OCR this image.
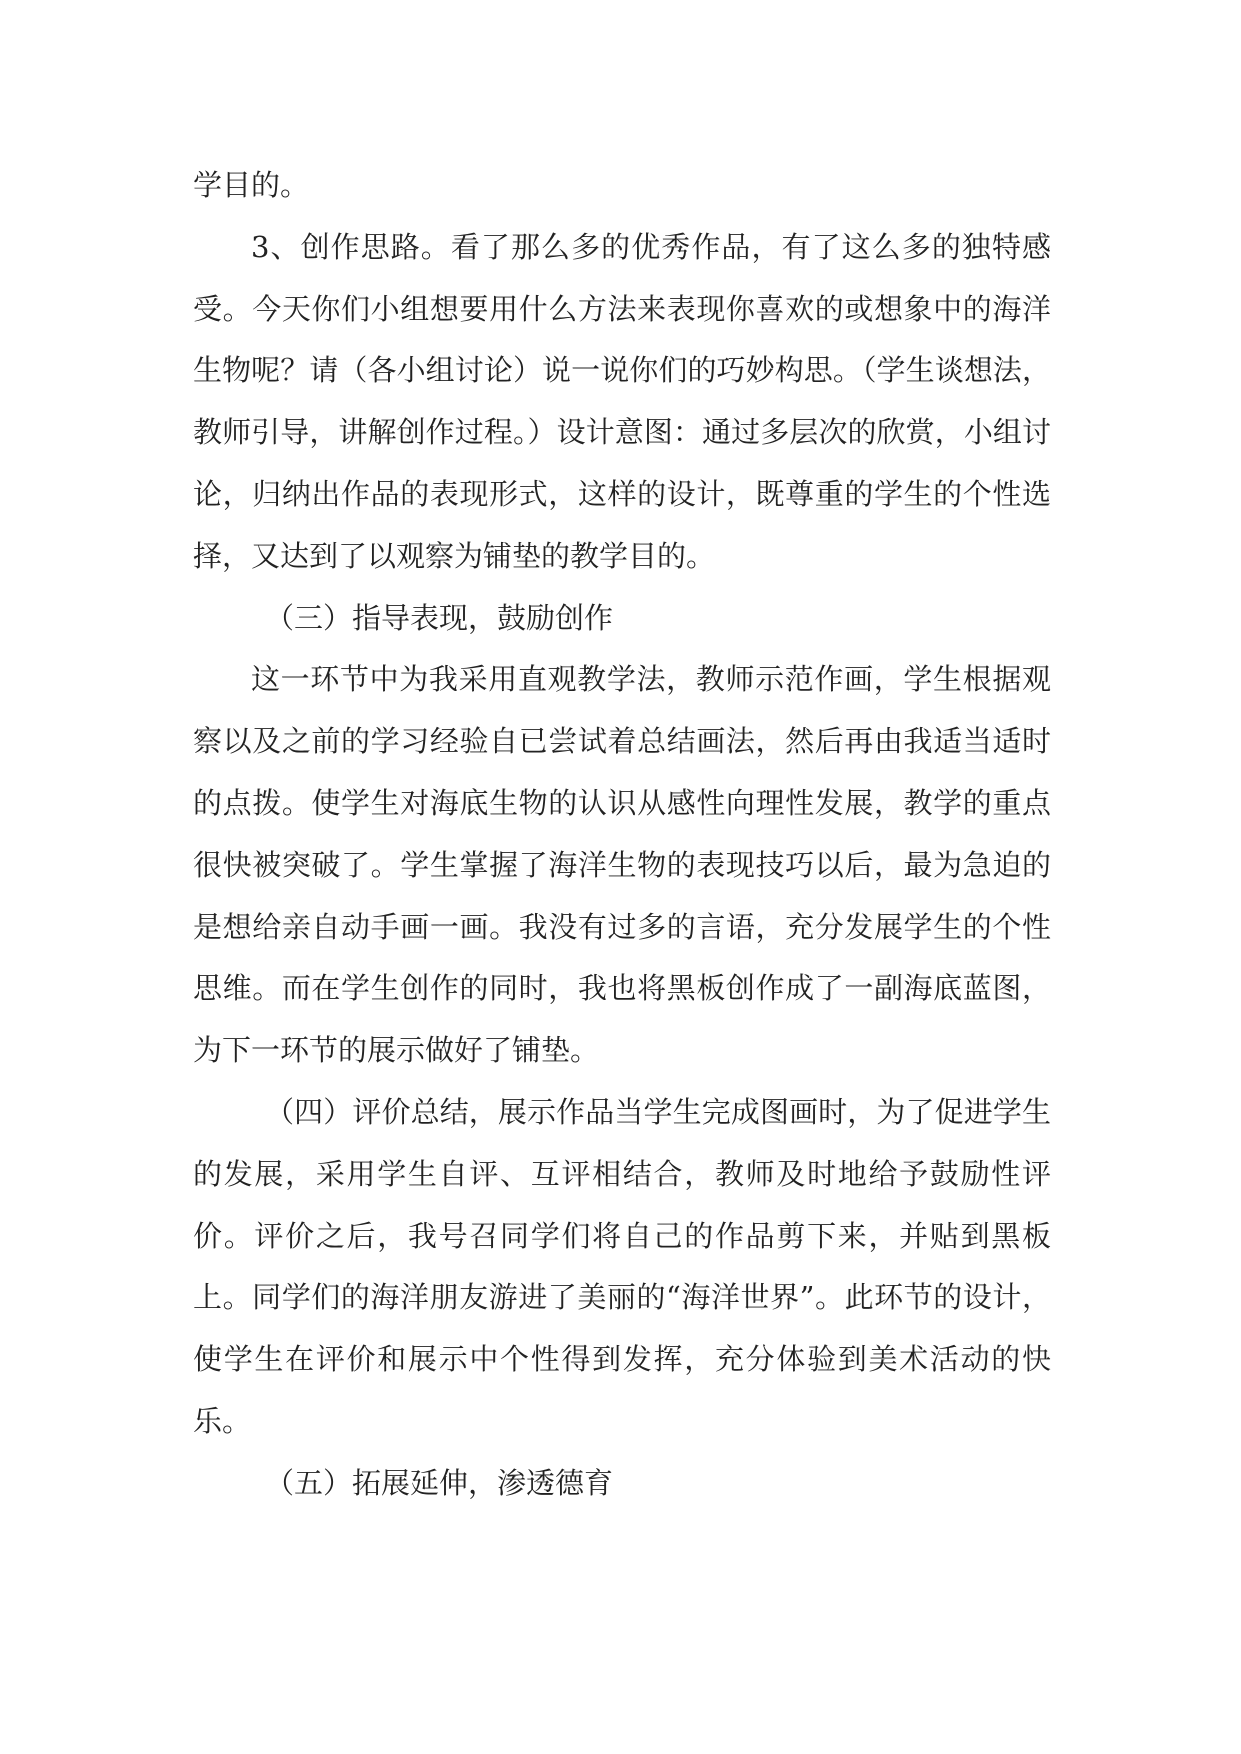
学目的。

3、创作思路。看了那么多的优秀作品，有了这么多的独特感受。今天你们小组想要用什么方法来表现你喜欢的或想象中的海洋生物呢？请（各小组讨论）说一说你们的巧妙构思。（学生谈想法，教师引导，讲解创作过程。）设计意图：通过多层次的欣赏，小组讨论，归纳出作品的表现形式，这样的设计，既尊重的学生的个性选择，又达到了以观察为铺垫的教学目的。

（三）指导表现，鼓励创作

这一环节中为我采用直观教学法，教师示范作画，学生根据观察以及之前的学习经验自已尝试着总结画法，然后再由我适当适时的点拨。使学生对海底生物的认识从感性向理性发展，教学的重点很快被突破了。学生掌握了海洋生物的表现技巧以后，最为急迫的是想给亲自动手画一画。我没有过多的言语，充分发展学生的个性思维。而在学生创作的同时，我也将黑板创作成了一副海底蓝图，为下一环节的展示做好了铺垫。

（四）评价总结，展示作品当学生完成图画时，为了促进学生的发展，采用学生自评、互评相结合，教师及时地给予鼓励性评价。评价之后，我号召同学们将自己的作品剪下来，并贴到黑板上。同学们的海洋朋友游进了美丽的“海洋世界”。此环节的设计，使学生在评价和展示中个性得到发挥，充分体验到美术活动的快乐。

（五）拓展延伸，渗透德育
